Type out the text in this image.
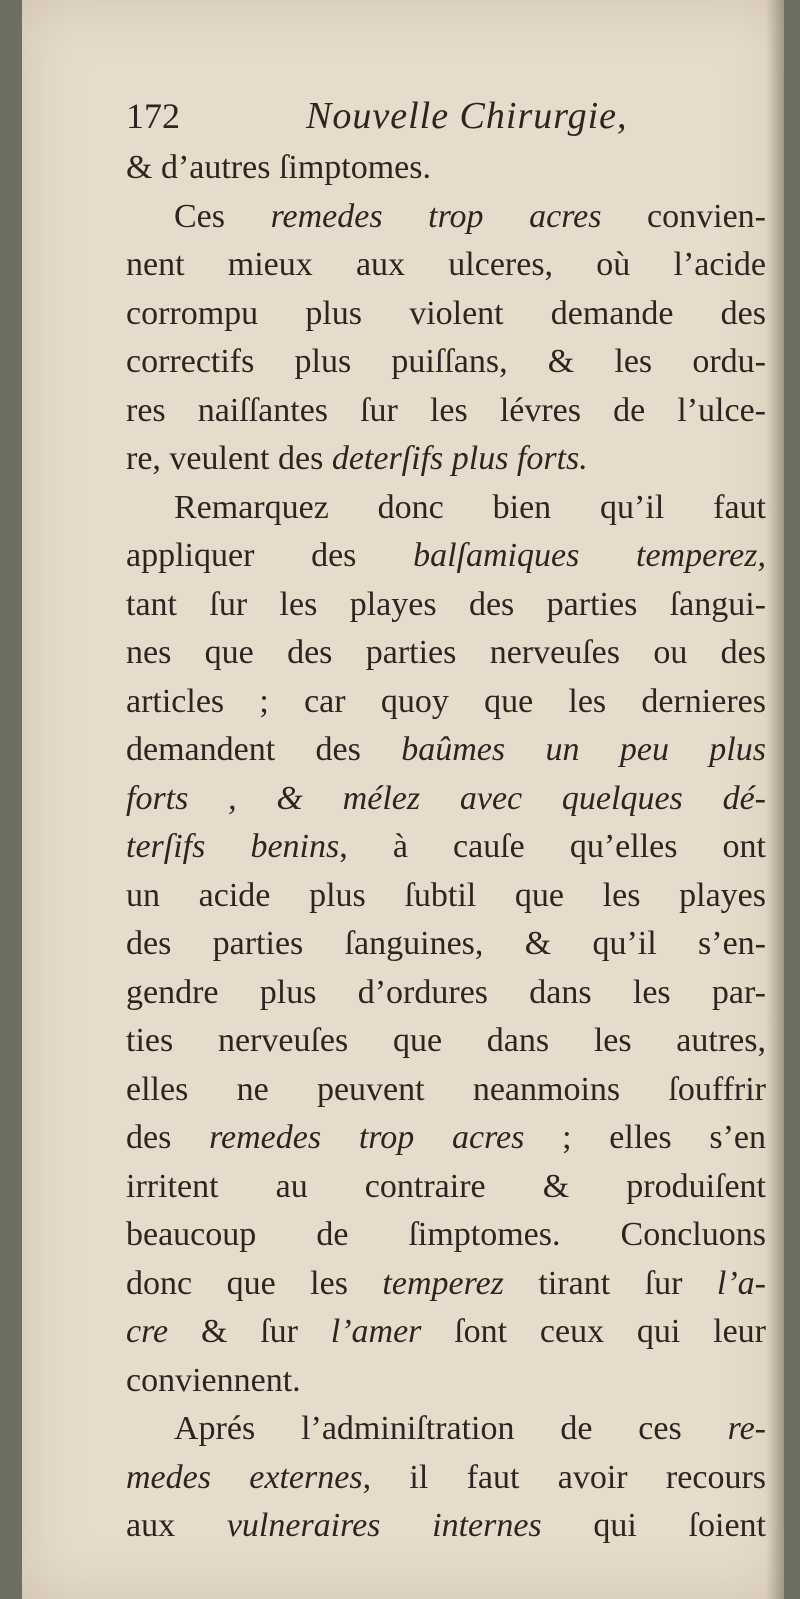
172	Nouvelle Chirurgie,
& d’autres ſimptomes.
Ces remedes trop acres convien-
nent mieux aux ulceres, où l’acide
corrompu plus violent demande des
correctifs plus puiſſans, & les ordu-
res naiſſantes ſur les lévres de l’ulce-
re, veulent des deterſifs plus forts.
Remarquez donc bien qu’il faut
appliquer des balſamiques temperez,
tant ſur les playes des parties ſangui-
nes que des parties nerveuſes ou des
articles ; car quoy que les dernieres
demandent des baûmes un peu plus
forts , & mélez avec quelques dé-
terſifs benins, à cauſe qu’elles ont
un acide plus ſubtil que les playes
des parties ſanguines, & qu’il s’en-
gendre plus d’ordures dans les par-
ties nerveuſes que dans les autres,
elles ne peuvent neanmoins ſouffrir
des remedes trop acres ; elles s’en
irritent au contraire & produiſent
beaucoup de ſimptomes. Concluons
donc que les temperez tirant ſur l’a-
cre & ſur l’amer ſont ceux qui leur
conviennent.
Aprés l’adminiſtration de ces re-
medes externes, il faut avoir recours
aux vulneraires internes qui ſoient
